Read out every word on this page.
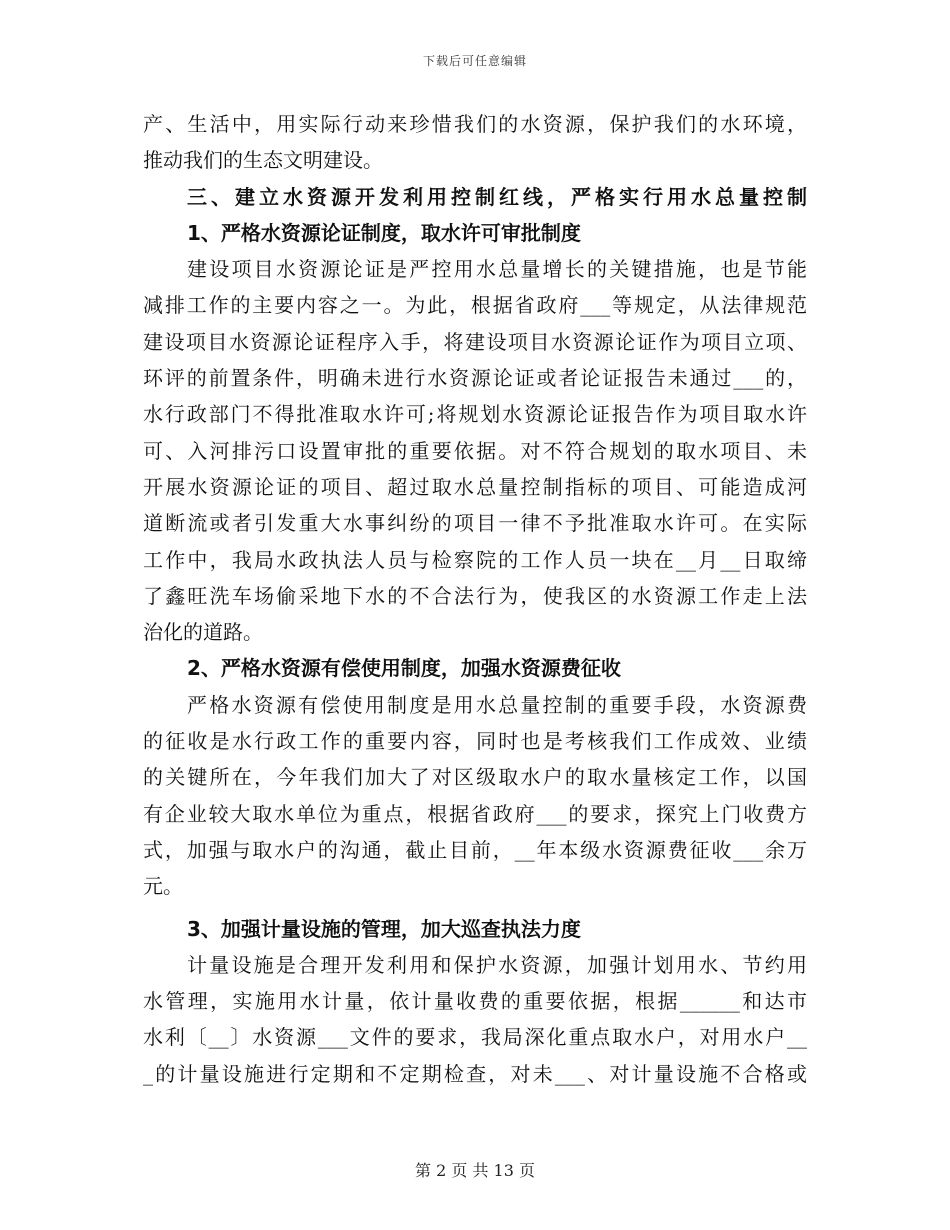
下载后可任意编辑
产、生活中，用实际行动来珍惜我们的水资源，保护我们的水环境，
推动我们的生态文明建设。
三、建立水资源开发利用控制红线，严格实行用水总量控制
1、严格水资源论证制度，取水许可审批制度
建设项目水资源论证是严控用水总量增长的关键措施，也是节能
减排工作的主要内容之一。为此，根据省政府___等规定，从法律规范
建设项目水资源论证程序入手，将建设项目水资源论证作为项目立项、
环评的前置条件，明确未进行水资源论证或者论证报告未通过___的，
水行政部门不得批准取水许可;将规划水资源论证报告作为项目取水许
可、入河排污口设置审批的重要依据。对不符合规划的取水项目、未
开展水资源论证的项目、超过取水总量控制指标的项目、可能造成河
道断流或者引发重大水事纠纷的项目一律不予批准取水许可。在实际
工作中，我局水政执法人员与检察院的工作人员一块在__月__日取缔
了鑫旺洗车场偷采地下水的不合法行为，使我区的水资源工作走上法
治化的道路。
2、严格水资源有偿使用制度，加强水资源费征收
严格水资源有偿使用制度是用水总量控制的重要手段，水资源费
的征收是水行政工作的重要内容，同时也是考核我们工作成效、业绩
的关键所在，今年我们加大了对区级取水户的取水量核定工作，以国
有企业较大取水单位为重点，根据省政府___的要求，探究上门收费方
式，加强与取水户的沟通，截止目前，__年本级水资源费征收___余万
元。
3、加强计量设施的管理，加大巡查执法力度
计量设施是合理开发利用和保护水资源，加强计划用水、节约用
水管理，实施用水计量，依计量收费的重要依据，根据______和达市
水利〔__〕水资源___文件的要求，我局深化重点取水户，对用水户__
_的计量设施进行定期和不定期检查，对未___、对计量设施不合格或
第 2 页 共 13 页
